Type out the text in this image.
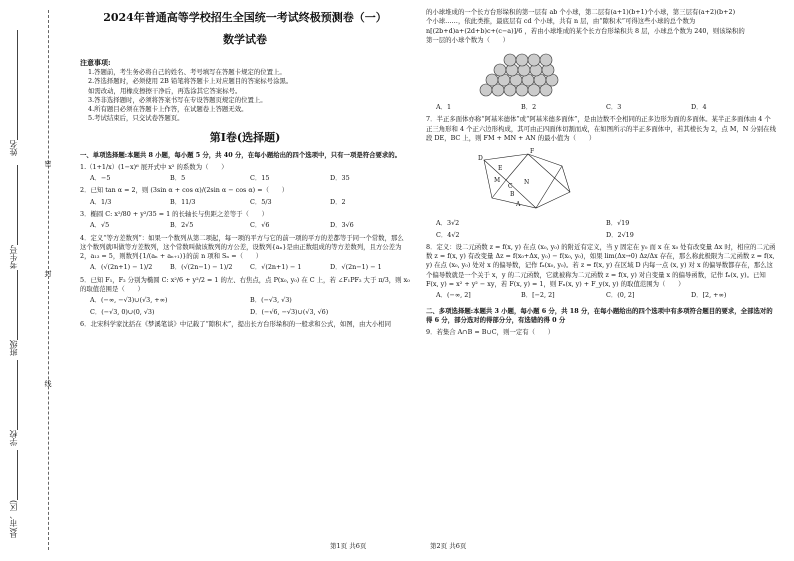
姓名
考生号
班级
学校
县(市、区)
密
封
线
2024年普通高等学校招生全国统一考试终极预测卷（一）
数学试卷
注意事项:
1.答题前，考生务必将自己的姓名、考号填写在答题卡规定的位置上。
2.答选择题时，必须使用 2B 铅笔将答题卡上对应题目的答案标号涂黑。
如需改动，用橡皮擦擦干净后，再选涂其它答案标号。
3.答非选择题时，必须将答案书写在专设答题页规定的位置上。
4.所有题目必须在答题卡上作答，在试题卷上答题无效。
5.考试结束后，只交试卷答题页。
第Ⅰ卷(选择题)
一、单项选择题:本题共 8 小题，每小题 5 分，共 40 分，在每小题给出的四个选项中，只有一项是符合要求的。
1.（1+1/x）(1−x)⁶ 展开式中 x² 的系数为（　　）
A．−5	B．5	C．15	D．35
2．已知 tan α = 2，则 (3sin α + cos α)/(2sin α − cos α) =（　　）
A．1/3	B．11/3	C．5/3	D．2
3．椭圆 C: x²/80 + y²/35 = 1 的长轴长与焦距之差等于（　　）
A．√5	B．2√5	C．√6	D．3√6
4．定义“等方差数列”：如果一个数列从第二项起，每一项的平方与它的前一项的平方的差都等于同一个常数，那么这个数列就叫做等方差数列，这个常数叫做该数列的方公差，设数列{aₙ}是由正数组成的等方差数列，且方公差为 2，a₁₃ = 5，则数列{1/(aₙ + aₙ₊₁)}的前 n 项和 Sₙ =（　　）
A．(√(2n+1) − 1)/2	B．(√(2n−1) − 1)/2	C．√(2n+1) − 1	D．√(2n−1) − 1
5．已知 F₁，F₂ 分别为椭圆 C: x²/6 + y²/2 = 1 的左、右焦点，点 P(x₀, y₀) 在 C 上，若 ∠F₁PF₂ 大于 π/3，则 x₀ 的取值范围是（　　）
A．(−∞, −√3)∪(√3, +∞)	B．(−√3, √3)
C．(−√3, 0)∪(0, √3)	D．(−√6, −√3)∪(√3, √6)
6．北宋科学家沈括在《梦溪笔谈》中记载了“隙积术”，提出长方台形垛积的一般求和公式，如图，由大小相同
的小球堆成的一个长方台形垛积的第一层有 ab 个小球，第二层有(a+1)(b+1)个小球，第三层有(a+2)(b+2)
个小球……，依此类推，最底层有 cd 个小球，共有 n 层，由“隙积术”可得这些小球的总个数为
n[(2b+d)a+(2d+b)c+(c−a)]/6 ，若由小球堆成的某个长方台形垛积共 8 层，小球总个数为 240，则该垛积的
第一层的小球个数为（　　）
A．1	B．2	C．3	D．4
7．半正多面体亦称“阿基米德体”或“阿基米德多面体”，是由边数不全相同的正多边形为面的多面体。某半正多面体由 4 个正三角形和 4 个正六边形构成，其可由正四面体切割而成，在如图所示的半正多面体中，若其棱长为 2，点 M，N 分别在线段 DE，BC 上，则 FM + MN + AN 的最小值为（　　）
D
F
E
M
C
N
B
A
A．3√2	B．√19
C．4√2	D．2√19
8．定义：设二元函数 z = f(x, y) 在点 (x₀, y₀) 的附近有定义，当 y 固定在 y₀ 而 x 在 x₀ 处有改变量 Δx 时，相应的二元函数 z = f(x, y) 有改变量 Δz = f(x₀+Δx, y₀) − f(x₀, y₀)，如果 lim(Δx→0) Δz/Δx 存在，那么称此极限为二元函数 z = f(x, y) 在点 (x₀, y₀) 处对 x 的偏导数，记作 fₓ(x₀, y₀)。若 z = f(x, y) 在区域 D 内每一点 (x, y) 对 x 的偏导数都存在，那么这个偏导数就是一个关于 x，y 的二元函数，它就被称为二元函数 z = f(x, y) 对自变量 x 的偏导函数，记作 fₓ(x, y)。已知 F(x, y) = x² + y² − xy，若 F(x, y) = 1，则 Fₓ(x, y) + F_y(x, y) 的取值范围为（　　）
A．(−∞, 2]	B．[−2, 2]	C．(0, 2]	D．[2, +∞)
二、多项选择题:本题共 3 小题，每小题 6 分，共 18 分，在每小题给出的四个选项中有多项符合题目的要求，全部选对的得 6 分，部分选对的得部分分，有选错的得 0 分
9．若集合 A∩B = B∪C，则一定有（　　）
第1页 共6页	第2页 共6页
